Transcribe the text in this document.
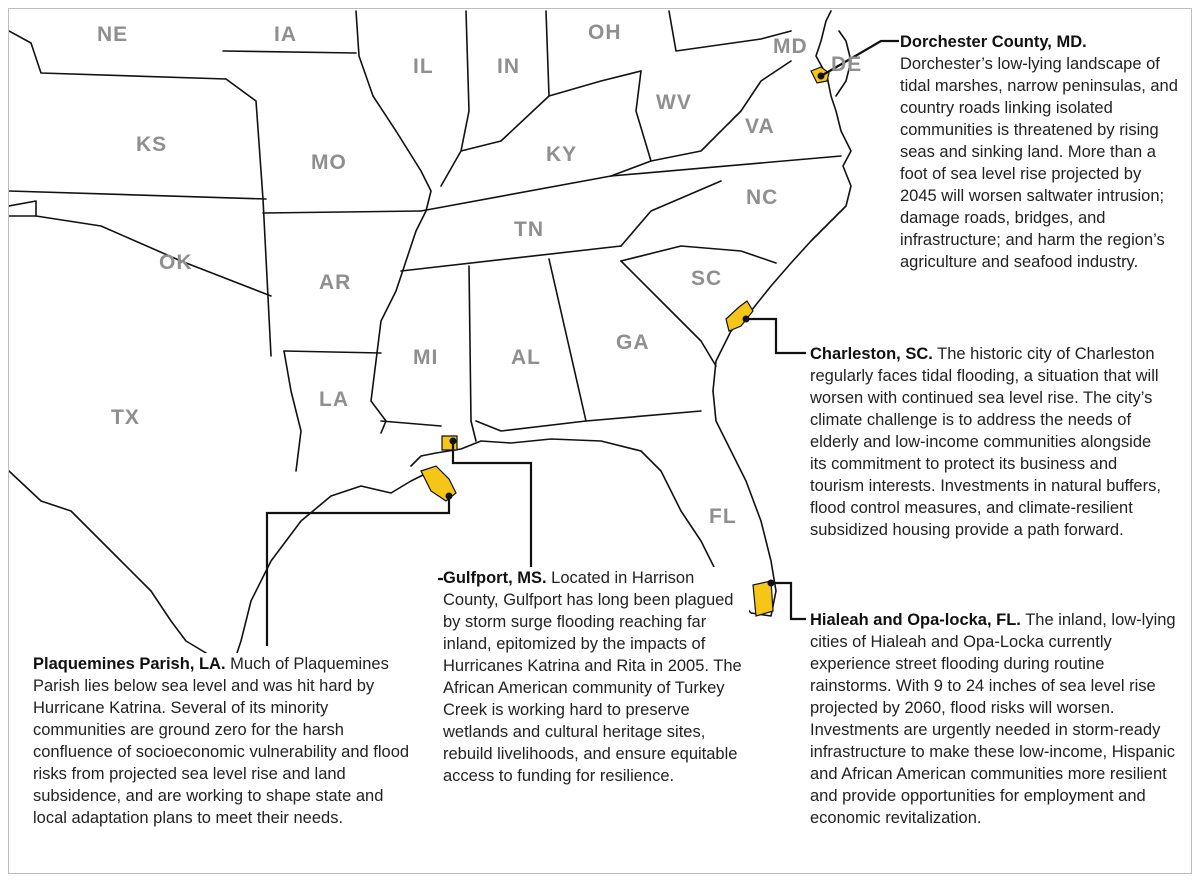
NE	IA	OH
MD
DE
IL	IN
WV
VA
KS
MO	KY
NC
TN
OK
AR	SC
GA
AL
MI
LA
TX
FL
Dorchester County, MD. Dorchester’s low-lying landscape of tidal marshes, narrow peninsulas, and country roads linking isolated communities is threatened by rising seas and sinking land. More than a foot of sea level rise projected by 2045 will worsen saltwater intrusion; damage roads, bridges, and infrastructure; and harm the region’s agriculture and seafood industry.
Charleston, SC. The historic city of Charleston regularly faces tidal flooding, a situation that will worsen with continued sea level rise. The city’s climate challenge is to address the needs of elderly and low-income communities alongside its commitment to protect its business and tourism interests. Investments in natural buffers, flood control measures, and climate-resilient subsidized housing provide a path forward.
Hialeah and Opa-locka, FL. The inland, low-lying cities of Hialeah and Opa-Locka currently experience street flooding during routine rainstorms. With 9 to 24 inches of sea level rise projected by 2060, flood risks will worsen. Investments are urgently needed in storm-ready infrastructure to make these low-income, Hispanic and African American communities more resilient and provide opportunities for employment and economic revitalization.
Gulfport, MS. Located in Harrison County, Gulfport has long been plagued by storm surge flooding reaching far inland, epitomized by the impacts of Hurricanes Katrina and Rita in 2005. The African American community of Turkey Creek is working hard to preserve wetlands and cultural heritage sites, rebuild livelihoods, and ensure equitable access to funding for resilience.
Plaquemines Parish, LA. Much of Plaquemines Parish lies below sea level and was hit hard by Hurricane Katrina. Several of its minority communities are ground zero for the harsh confluence of socioeconomic vulnerability and flood risks from projected sea level rise and land subsidence, and are working to shape state and local adaptation plans to meet their needs.
